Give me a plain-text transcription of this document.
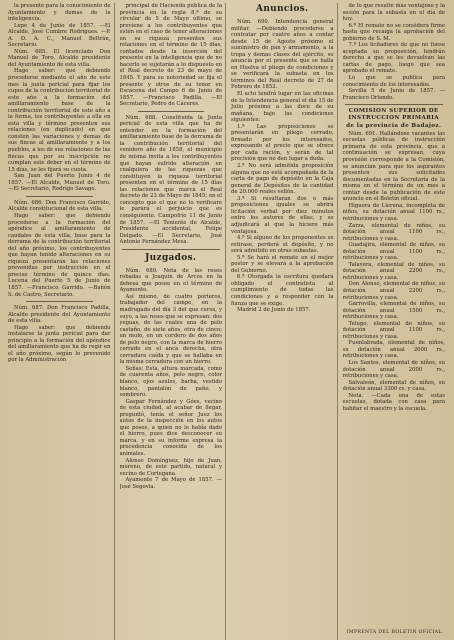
la presente para la conocimiento de Ayuntamiento y demas de la inteligencia.

Lepe 4 de Junio de 1857. —El Alcalde, José Cumbre Rodrigues. —P. A. D. A. C., Manuel Beltrán, Secretario.

Núm. 685. El licenciado Don Manuel de Toro, Alcalde presidente del Ayuntamiento de esta villa.

Hago saber: que debiendo procederse mediante el año de este mes la junta pericial para fijar los cupos de la contribución territorial de este año a la formación del amillaramiento base de la contribución territorial de este año a la forma, los contribuyentes a ella en esta villa y término presenten sus relaciones (en duplicado) en que consten las variaciones y demas de sus fincas al amillaramiento y a los pueblos, a los de sus relaciones de las fincas que por su inscripción no cumplan este deber en el término de 15 días, se les fijará su cuota.

San Juan del Puerto Junio 4 de 1857. —El Alcalde, Manuel de Toro. —El Secretario, Rodrigo Savago.

Núm. 686. Don Francisco Garrido, Alcalde constitucional de esta villa.

Hago saber: que debiendo procederse a la formación del apéndice al amillaramiento de caudales de esta villa, base para la derrama de la contribución territorial del año próximo, los contribuyentes que hayan tenido alteraciones en su riqueza presentarán las relaciones prevenidas por instrucción en el preciso término de quince días. Lucena del Puerto 5 de Junio de 1857. —Francisco Garrido. —Bañón S. de Castro, Secretario.

Núm. 687. Don Francisco Padilla, Alcalde presidente del Ayuntamiento de esta villa.

Hago saber: que debiendo instalarse la junta pericial para dar principio a la formación del apéndice del amillaramiento que ha de regir en el año próximo, según lo prevenido por la Administración

principal de Hacienda pública de la provincia en la regla 8.ª de su circular de 5 de Mayo último, se previene a los contribuyentes que estén en el caso de tener alteraciones en su riqueza presenten sus relaciones en el término de 15 días, contados desde la inserción del presente en la inteligencia que de no hacerlo se sujetarán a lo dispuesto en el Real decreto de 23 de mayo de 1845. Y para su notoriedad se fija el presente y otros de su tenor en Escacena del Campo 6 de Junio de 1857. —Francisco Padilla. —El Secretario, Pedro de Cáceres.

Núm. 688. Constituida la Junta pericial de esta villa que ha de entender en la formación del amillaramiento base de la derrama de la contribución territorial del venidero año de 1858, el municipio de misma invita a los contribuyentes que hayan sufrido alteración en cualquiera de las riquezas que constituyen la riqueza territorial presenten en el término de 15 días las relaciones que marca el Real decreto de 23 de Mayo de 1845; en el concepto que el que no lo verificare le parará el perjuicio que es consiguiente. Campofrío 11 de Junio de 1857. —El Teniente de Alcalde, Presidente accidental, Felipe Delgado. —El Secretario, José Antonio Fernández Mesa.

Juzgados.

Núm. 689. Nota de las reses robadas a Joaquin de Arcos en la dehesa que posee en el término de Ayamonte.

Así mismo, de cuatro porteros, trabajador del campo, en la madrugada del día 3 del que cursa, y suyo, a las reses que se expresan: dos yeguas, de las cuales una de pelo castaño, de siete años, otra de cinco; un mulo, en un cordero de dos años de pelo negro, con la marca de hierro cerrado en el anca derecha, otra cerradura caída y que se hallaba en la misma cerradura con un hierro.

Señas: Esta, altura marcada, como de cuarenta años, pelo negro, color blanco, ojos azules, barba, vestido blanco, pantalón de paño, y sombrero.

Gaspar Fernández y Góes, vecino de esta ciudad, al acabar de llegar, preguntó, tenía el señor Juez los autos de la inspección en los autos que posee, a quien no le había dado el hierro, pues dice desconocer su marca, y en su informe expresa la procedencia conocida de los animales.

Alonso Domínguez, hijo de Juan, moreno, de este partido, natural y vecino de Cortegana.

Ayamonte 7 de Mayo de 1857. —José Segovia.

Anuncios.

Núm. 690. Intendencia general militar. —Debiendo procederse a contratar por cuatro años a contar desde 15 de Agosto próximo el suministro de pan y armamento, a la tropa y demas clases del ejército, se anuncia por el presente que se halla en Huelva el pliego de condiciones y se verificará la subasta en los términos del Real decreto de 27 de Febrero de 1852.

El acto tendrá lugar en las oficinas de la Intendencia general el dia 15 de Julio próximo a las doce de su mañana, bajo las condiciones siguientes:

1.ª Las proposiciones se presentarán en pliego cerrado, firmado por los interesados, expresando el precio que se ofrece por cada ración, y serán de tal precisión que no den lugar a duda.

2.ª No será admitida proposición alguna que no esté acompañada de la carta de pago de depósito en la Caja general de Depósitos de la cantidad de 20.000 reales vellón.

3.ª Si resultaran dos o más proposiciones iguales se abrirá licitación verbal por diez minutos entre los autores de ellas, y se adjudicará al que la hiciere más ventajosa.

4.ª Si alguno de los proponentes se retirase, perderá el depósito, y no será admitido en otras subastas.

5.ª Se hará el remate en el mejor postor y se elevará a la aprobación del Gobierno.

6.ª Otorgada la escritura quedará obligado el contratista al cumplimiento de todas las condiciones y a responder con la fianza que se exige.

Madrid 2 de Junio de 1857.

de lo que resulte más ventajoso y la sesión para la subasta en el día de hoy.

6.ª El remate no se considera firme hasta que recaiga la aprobación del gobierno de S. M.

7.ª Los licitadores de que no fuese aceptada su proposición, tendrán derecho a que se les devuelvan las cartas de pago, luego que sea aprobado el remate.

Lo que se publica para conocimiento de los interesados.

Sevilla 5 de Junio de 1857. —Francisco Orlando.

COMISION SUPERIOR DE INSTRUCCION PRIMARIA
de la provincia de Badajoz.

Núm. 691. Hallándose vacantes las escuelas públicas de instrucción primaria de esta provincia, que a continuación se expresan, cuya provisión corresponde a la Comisión, se anuncian para que los aspirantes presenten sus solicitudes documentadas en la Secretaría de la misma en el término de un mes a contar desde la publicación de este anuncio en el Boletín oficial.

Higuera de Llerena, incompleta de niños, su dotación anual 1100 rs., retribuciones y casa.

Zarza, elemental de niños, su dotación anual 1100 rs., retribuciones y casa.

Guadajira, elemental de niños, su dotación anual 1100 rs., retribuciones y casa.

Talavera, elemental de niños, su dotación anual 2200 rs., retribuciones y casa.

Don Alonso, elemental de niños, su dotación anual 2200 rs., retribuciones y casa.

Garrovilla, elemental de niños, su dotación anual 1500 rs., retribuciones y casa.

Telugo, elemental de niños, su dotación anual 1100 rs., retribuciones y casa.

Fuenlabrada, elemental de niños, su dotación anual 2000 rs., retribuciones y casa.

Los Santos, elemental de niños, su dotación anual 2000 rs., retribuciones y casa.

Salvaleón, elemental de niños, su dotación anual 3300 rs. y casa.

Nota. —Cada una de estas escuelas, dotada con casa para habitar el maestro y la escuela.

IMPRENTA DEL BOLETIN OFICIAL.
